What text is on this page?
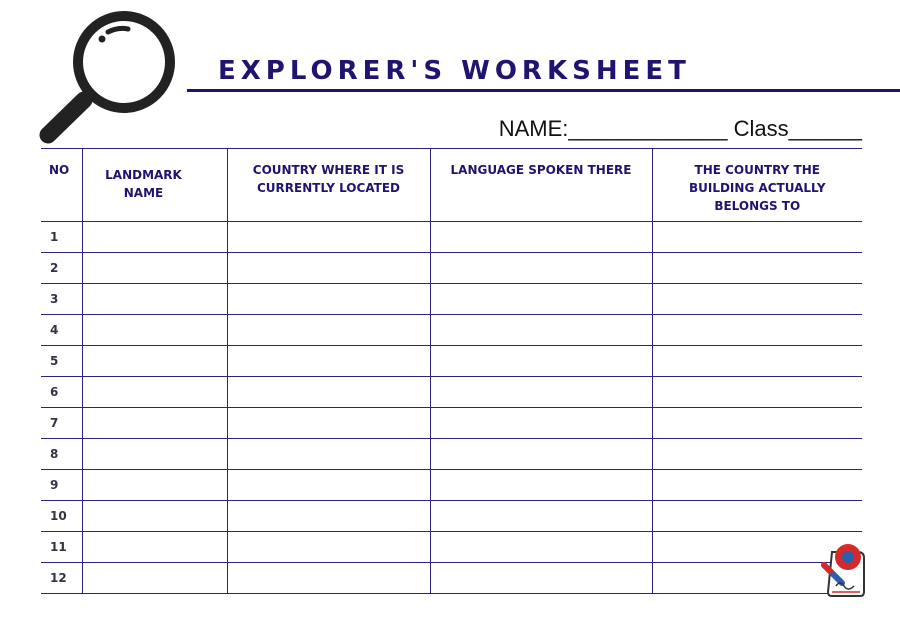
EXPLORER'S WORKSHEET
NAME:_____________ Class______
NO	LANDMARK NAME	COUNTRY WHERE IT IS CURRENTLY LOCATED	LANGUAGE SPOKEN THERE	THE COUNTRY THE BUILDING ACTUALLY BELONGS TO

1				
2				
3				
4				
5				
6				
7				
8				
9				
10				
11				
12				
